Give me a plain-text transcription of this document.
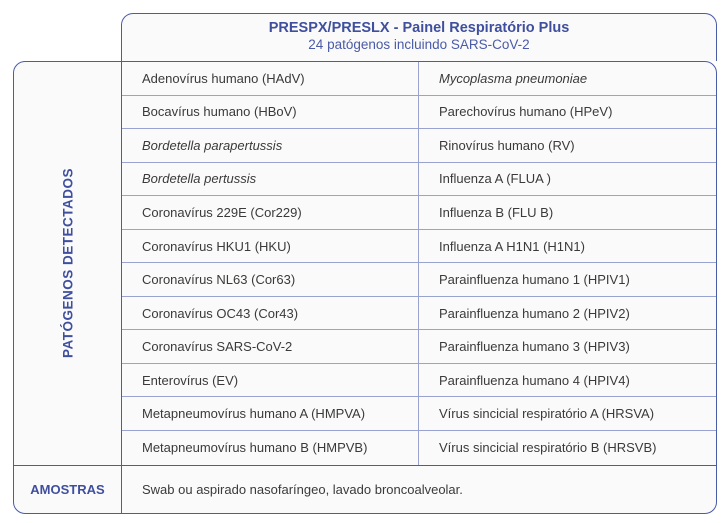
PRESPX/PRESLX - Painel Respiratório Plus
24 patógenos incluindo SARS-CoV-2
PATÓGENOS DETECTADOS
Adenovírus humano (HAdV)	Mycoplasma pneumoniae
Bocavírus humano (HBoV)	Parechovírus humano (HPeV)
Bordetella parapertussis	Rinovírus humano (RV)
Bordetella pertussis	Influenza A (FLUA )
Coronavírus 229E (Cor229)	Influenza B (FLU B)
Coronavírus HKU1 (HKU)	Influenza A H1N1 (H1N1)
Coronavírus NL63 (Cor63)	Parainfluenza humano 1 (HPIV1)
Coronavírus OC43 (Cor43)	Parainfluenza humano 2 (HPIV2)
Coronavírus SARS-CoV-2	Parainfluenza humano 3 (HPIV3)
Enterovírus (EV)	Parainfluenza humano 4 (HPIV4)
Metapneumovírus humano A (HMPVA)	Vírus sincicial respiratório A (HRSVA)
Metapneumovírus humano B (HMPVB)	Vírus sincicial respiratório B (HRSVB)
AMOSTRAS	Swab ou aspirado nasofaríngeo, lavado broncoalveolar.
